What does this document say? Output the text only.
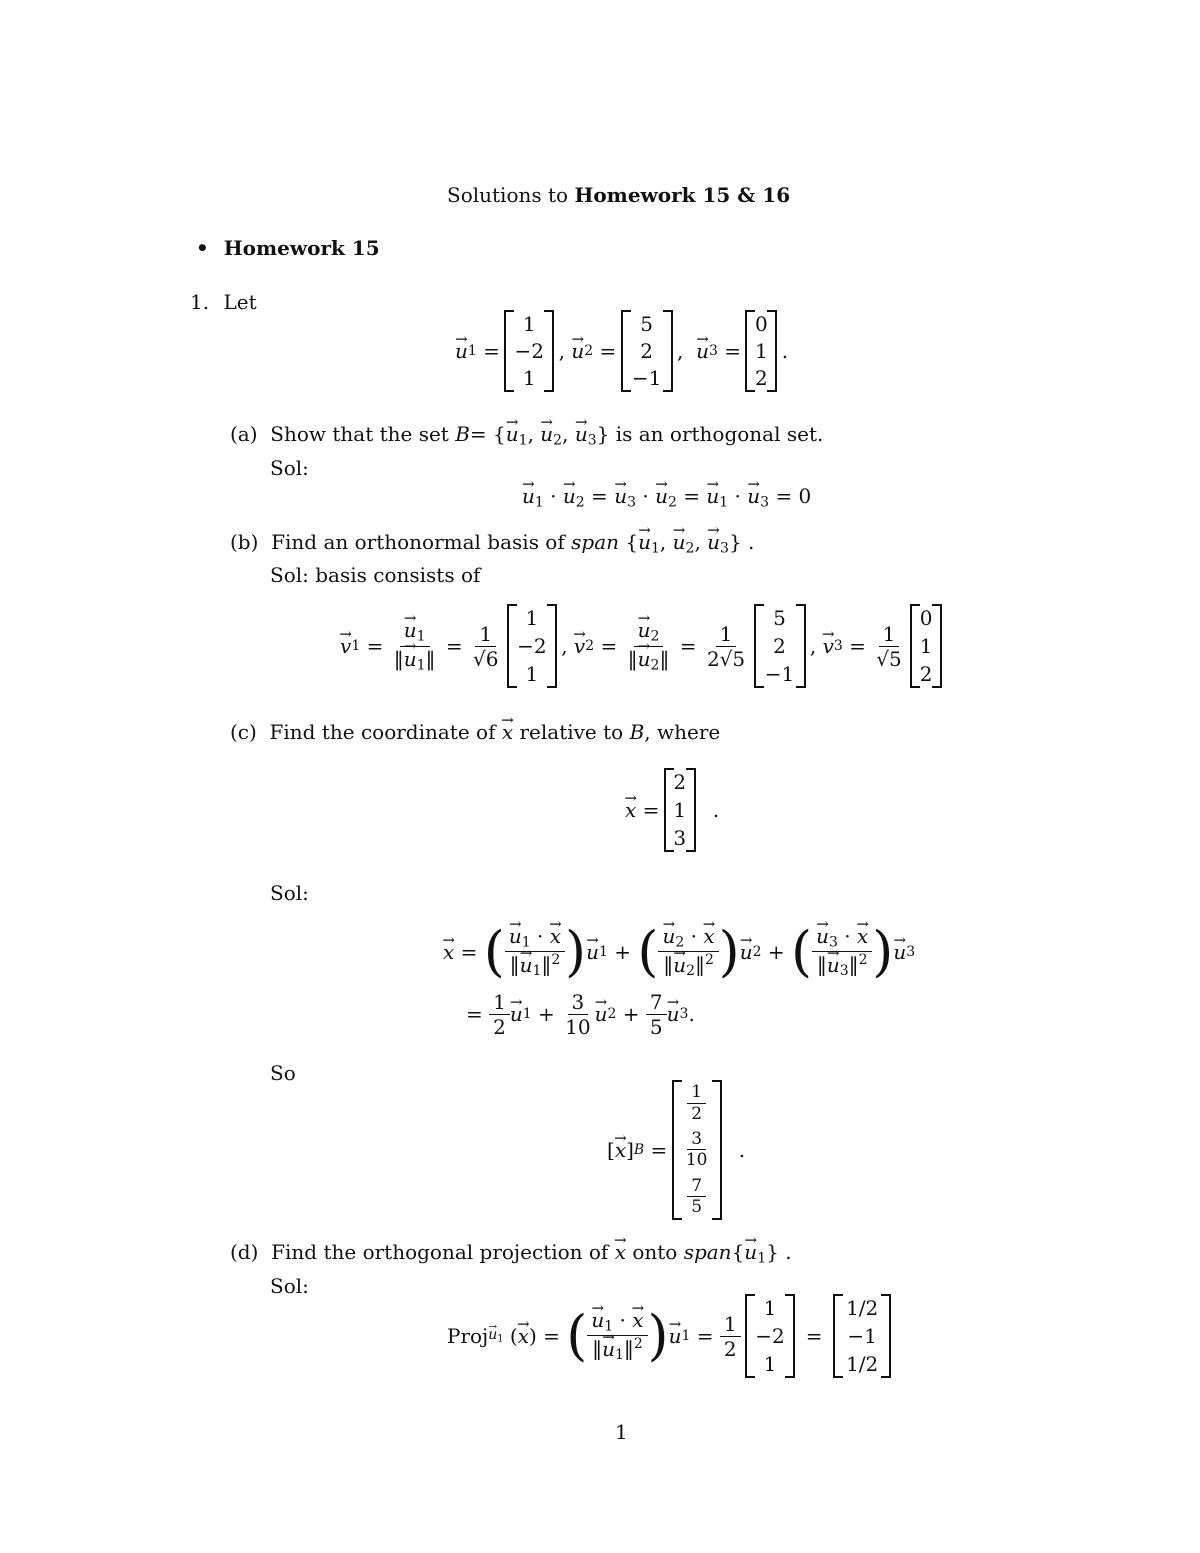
Solutions to Homework 15 & 16
• Homework 15
1. Let
→ u 1 =
1
−2
1
,
→ u 2 =
5
2
−1
,
→ u 3 =
0
1
2
.
(a) Show that the set B= {→ $u_1$, → $u_2$, → $u_3$} is an orthogonal set.
Sol:
→ $u_1$ · → $u_2$ = → $u_3$ · → $u_2$ = → $u_1$ · → $u_3 = 0$
(b) Find an orthonormal basis of span {→ $u_1$, → $u_2$, → $u_3$} .
Sol: basis consists of
→ v 1 =
→ $\frac{u_1}{‖\to u_1‖} = \frac{1}{√6}$

1
−2
1
,
→ v 2 =
→ $\frac{u_2}{‖\to u_2‖} = \frac{1}{2√5}$

5
2
−1
,
→ v $3 = \frac{1}{√5}$

0
1
2
(c) Find the coordinate of → x relative to B, where
→ x =
2
1
3
.
Sol:
→ x = (
→ $\frac{u_1 \cdot \to x}{‖\to u_1‖^2}$ )
→ u 1 + (
→ $\frac{u_2 \cdot \to x}{‖\to u_2‖^2}$ )
→ u 2 + (
→ $\frac{u_3 \cdot \to x}{‖\to u_3‖^2}$ )
→ u 3
= $\frac{1}{2}$
→ u $1 + \frac{3}{10}$
→ u $2 + \frac{7}{5}$
→ u 3 .
So
[
→ x ] B =
$\frac{1}{2}$
$\frac{3}{10}$
$\frac{7}{5}$
.
(d) Find the orthogonal projection of → x onto span{→ $u_1$} .
Sol:
Proj
→ $u_1$ (
→ x ) = (
→ $\frac{u_1 \cdot \to x}{‖\to u_1‖^2}$ )
→ u $1 = \frac{1}{2}$

1
−2
1
=
1/2
−1
1/2
1
